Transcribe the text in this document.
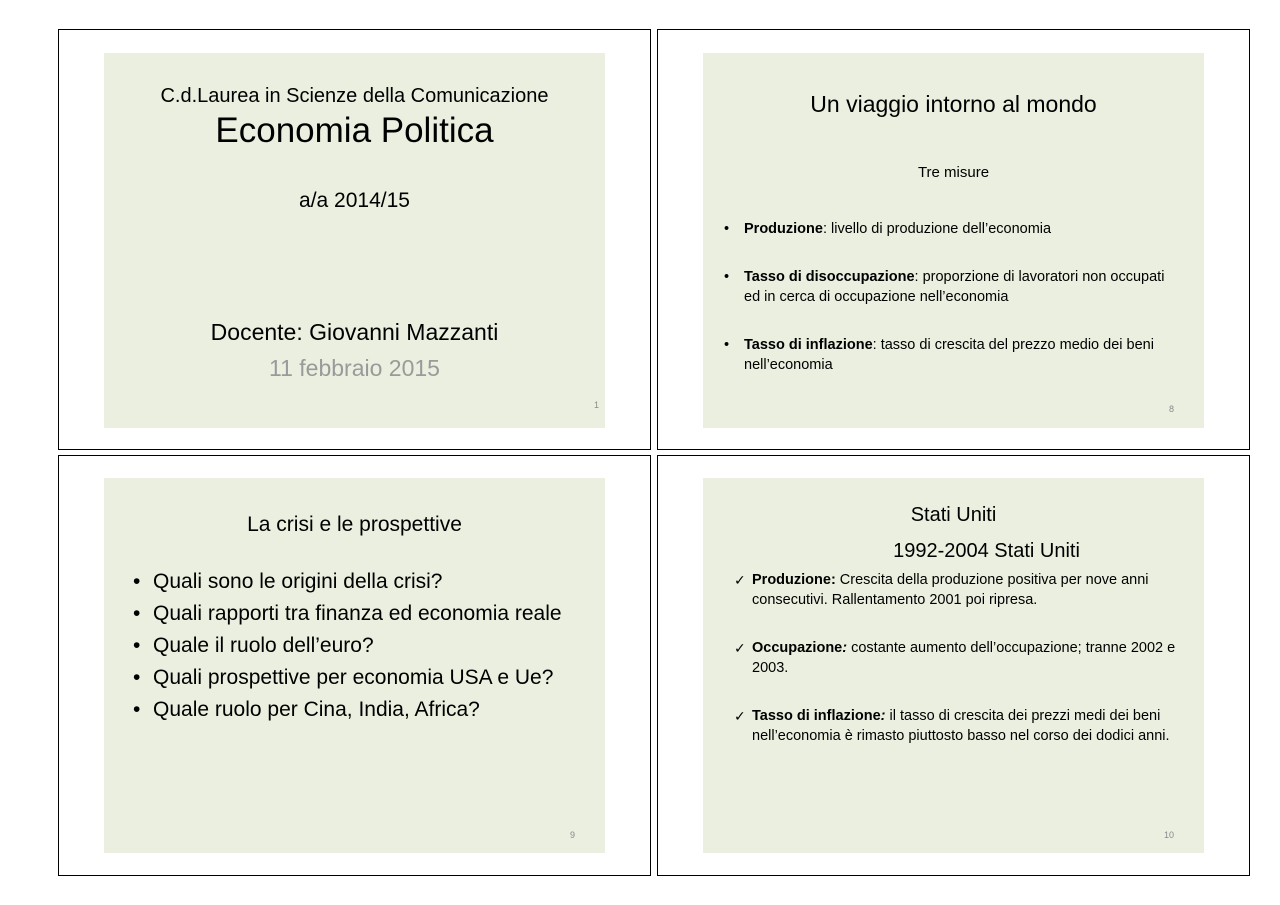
C.d.Laurea in Scienze della Comunicazione
Economia Politica
a/a 2014/15
Docente: Giovanni Mazzanti
11 febbraio 2015
1
Un viaggio intorno al mondo
Tre misure
• Produzione: livello di produzione dell’economia
• Tasso di disoccupazione: proporzione di lavoratori non occupati ed in cerca di occupazione nell’economia
• Tasso di inflazione: tasso di crescita del prezzo medio dei beni nell’economia
8
La crisi e le prospettive
• Quali sono le origini della crisi?
• Quali rapporti tra finanza ed economia reale
• Quale il ruolo dell’euro?
• Quali prospettive per economia USA e Ue?
• Quale ruolo per Cina, India, Africa?
9
Stati Uniti
1992-2004 Stati Uniti
✓ Produzione: Crescita della produzione positiva per nove anni consecutivi. Rallentamento 2001 poi ripresa.
✓ Occupazione: costante aumento dell’occupazione; tranne 2002 e 2003.
✓ Tasso di inflazione: il tasso di crescita dei prezzi medi dei beni nell’economia è rimasto piuttosto basso nel corso dei dodici anni.
10
